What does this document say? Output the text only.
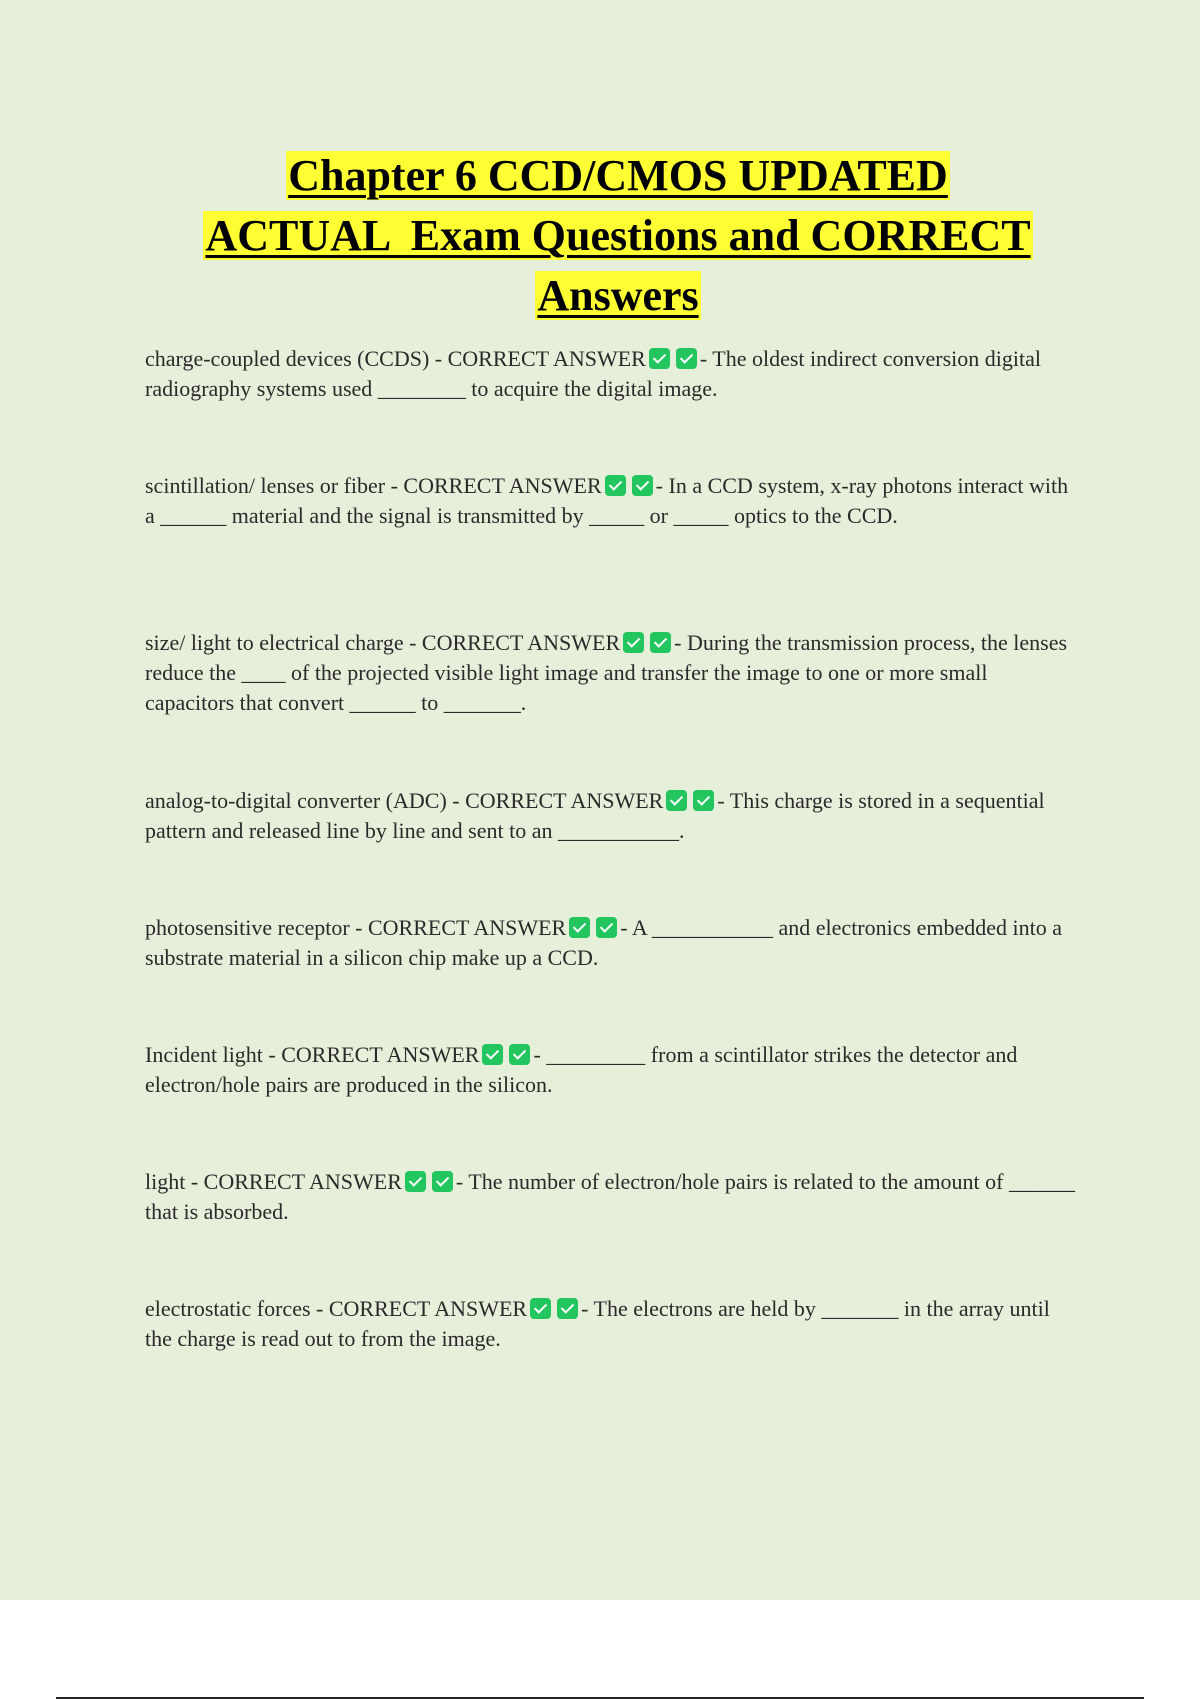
Chapter 6 CCD/CMOS UPDATED
ACTUAL  Exam Questions and CORRECT
Answers

charge-coupled devices (CCDS) - CORRECT ANSWER - The oldest indirect conversion digital radiography systems used ________ to acquire the digital image.

scintillation/ lenses or fiber - CORRECT ANSWER - In a CCD system, x-ray photons interact with a ______ material and the signal is transmitted by _____ or _____ optics to the CCD.

size/ light to electrical charge - CORRECT ANSWER - During the transmission process, the lenses reduce the ____ of the projected visible light image and transfer the image to one or more small capacitors that convert ______ to _______.

analog-to-digital converter (ADC) - CORRECT ANSWER - This charge is stored in a sequential pattern and released line by line and sent to an ___________.

photosensitive receptor - CORRECT ANSWER - A ___________ and electronics embedded into a substrate material in a silicon chip make up a CCD.

Incident light - CORRECT ANSWER - _________ from a scintillator strikes the detector and electron/hole pairs are produced in the silicon.

light - CORRECT ANSWER - The number of electron/hole pairs is related to the amount of ______ that is absorbed.

electrostatic forces - CORRECT ANSWER - The electrons are held by _______ in the array until the charge is read out to from the image.
